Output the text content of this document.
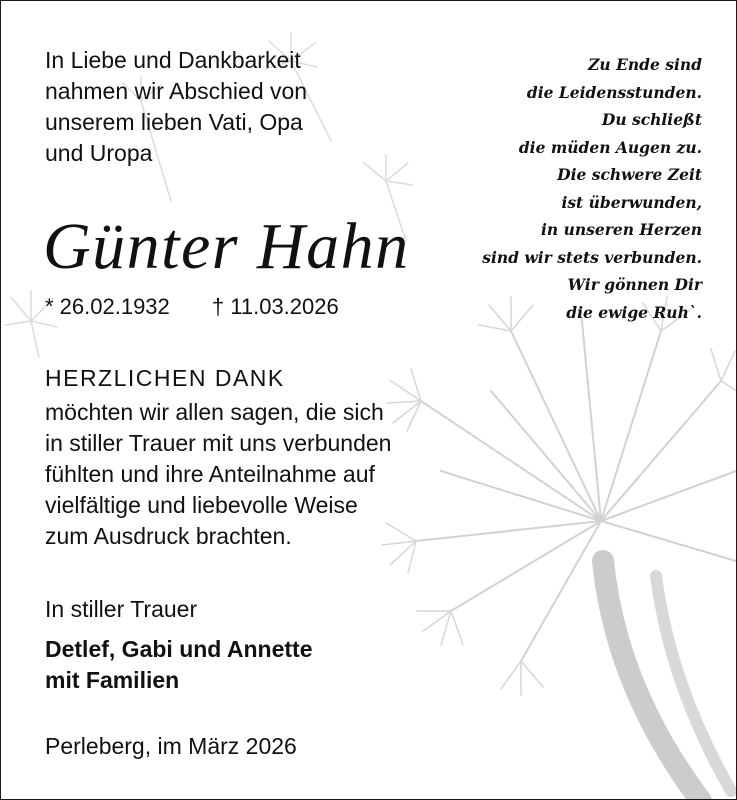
In Liebe und Dankbarkeit
nahmen wir Abschied von
unserem lieben Vati, Opa
und Uropa
Zu Ende sind
die Leidensstunden.
Du schließt
die müden Augen zu.
Die schwere Zeit
ist überwunden,
in unseren Herzen
sind wir stets verbunden.
Wir gönnen Dir
die ewige Ruh`.
Günter Hahn
* 26.02.1932 † 11.03.2026
HERZLICHEN DANK
möchten wir allen sagen, die sich
in stiller Trauer mit uns verbunden
fühlten und ihre Anteilnahme auf
vielfältige und liebevolle Weise
zum Ausdruck brachten.
In stiller Trauer
Detlef, Gabi und Annette
mit Familien
Perleberg, im März 2026
